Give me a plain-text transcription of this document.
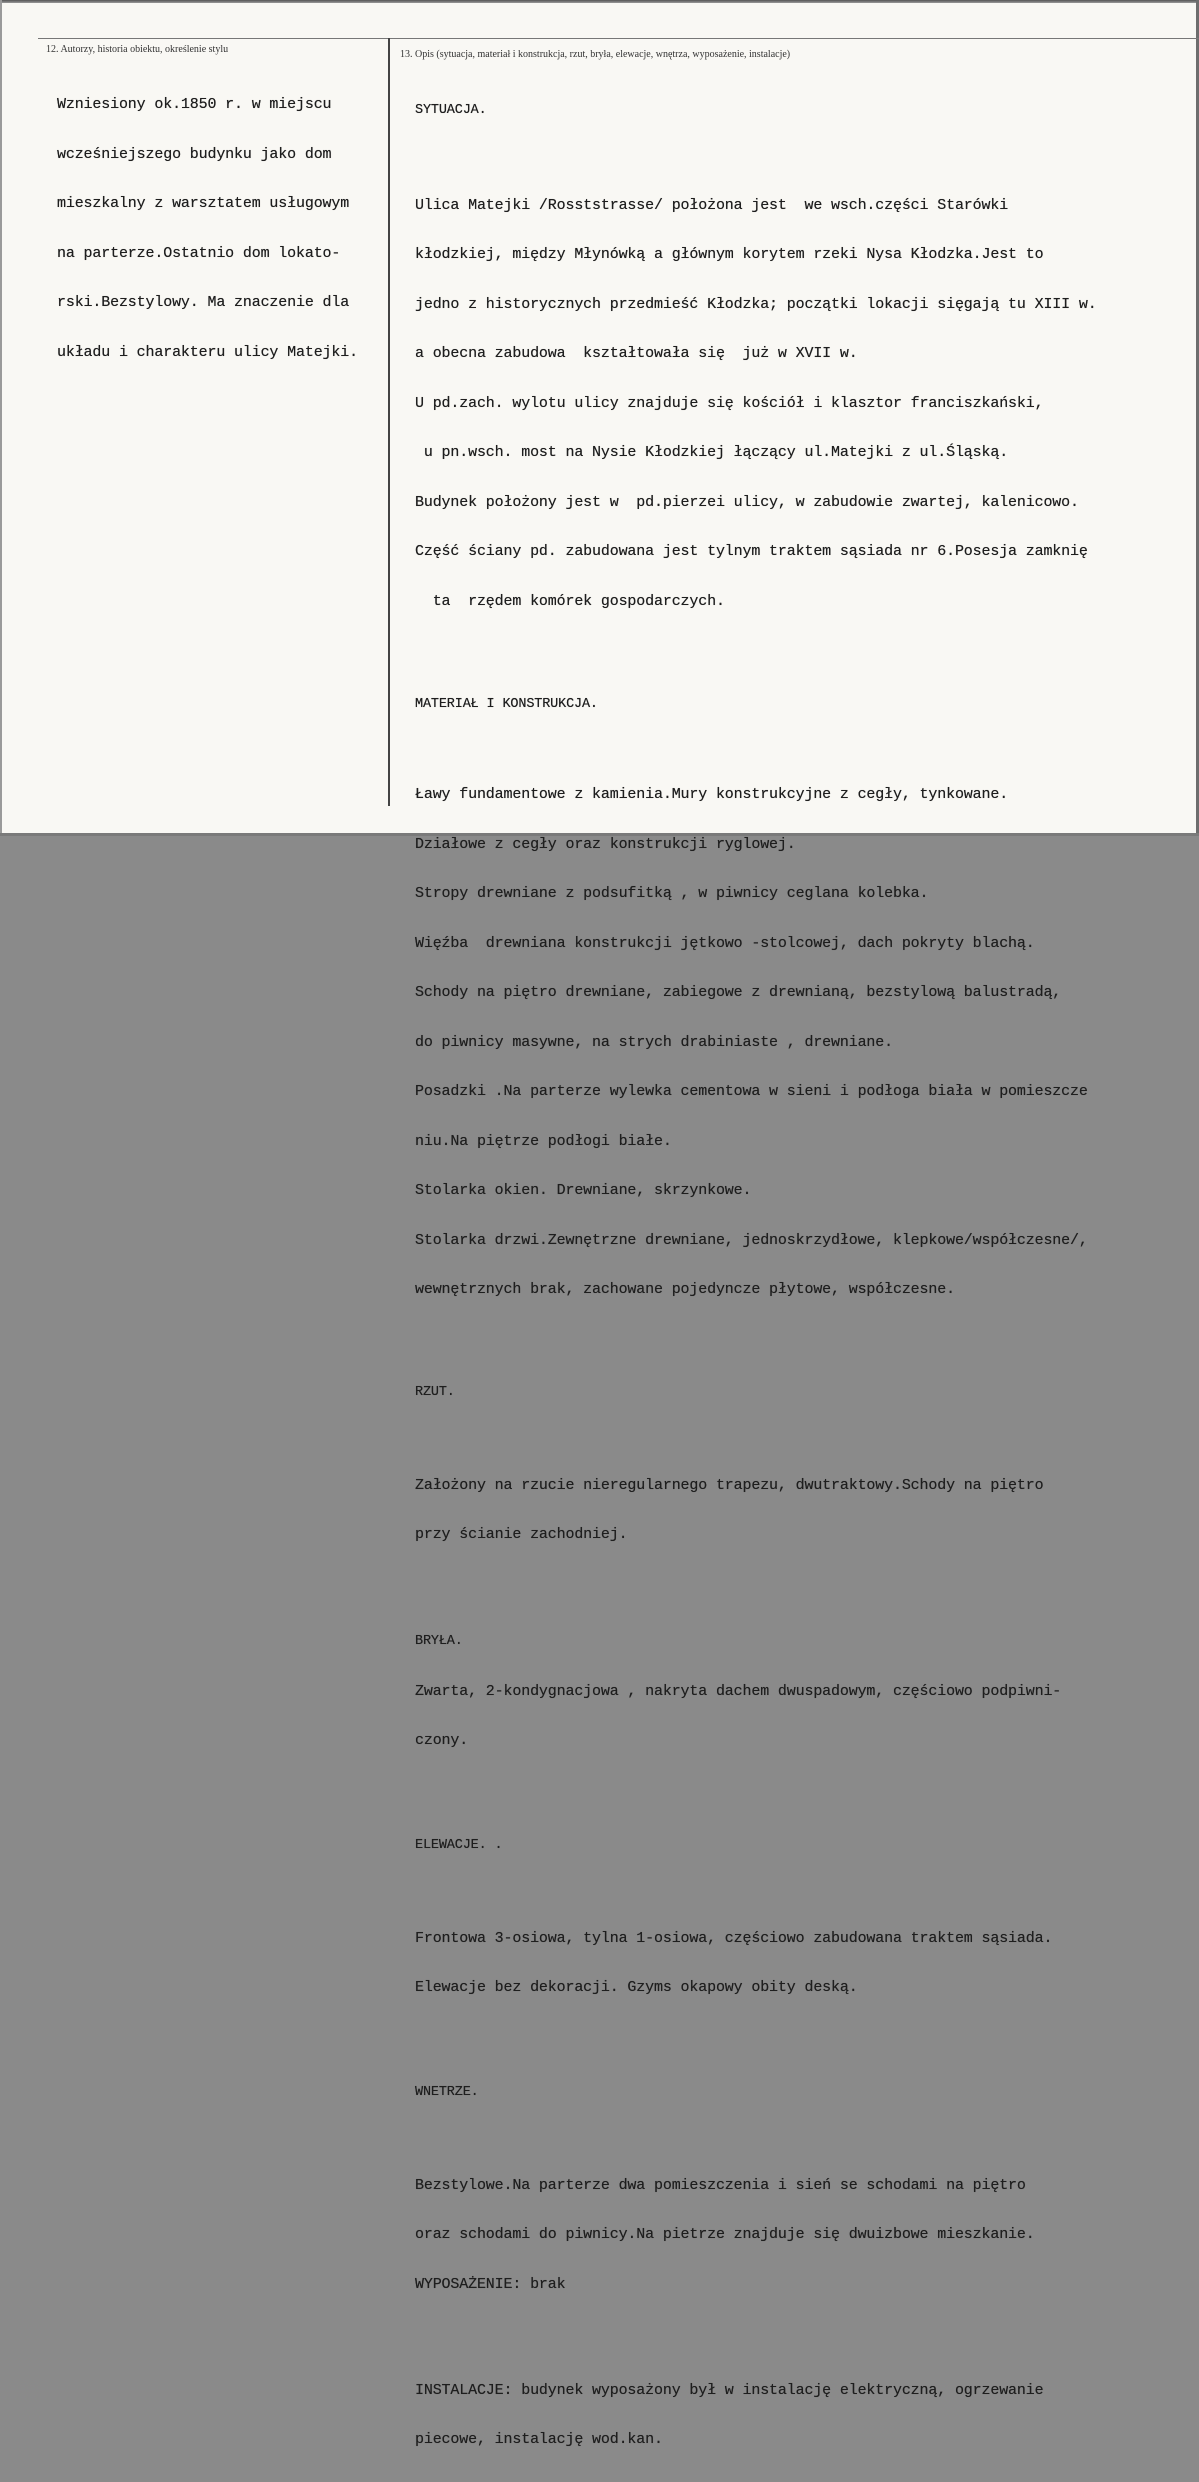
12. Autorzy, historia obiektu, określenie stylu	13. Opis (sytuacja, materiał i konstrukcja, rzut, bryła, elewacje, wnętrza, wyposażenie, instalacje)

Wzniesiony ok.1850 r. w miejscu

wcześniejszego budynku jako dom

mieszkalny z warsztatem usługowym

na parterze.Ostatnio dom lokato-

rski.Bezstylowy. Ma znaczenie dla

układu i charakteru ulicy Matejki.

SYTUACJA.

Ulica Matejki /Rosststrasse/ położona jest  we wsch.części Starówki

kłodzkiej, między Młynówką a głównym korytem rzeki Nysa Kłodzka.Jest to

jedno z historycznych przedmieść Kłodzka; początki lokacji sięgają tu XIII w.

a obecna zabudowa  kształtowała się  już w XVII w.

U pd.zach. wylotu ulicy znajduje się kościół i klasztor franciszkański,

u pn.wsch. most na Nysie Kłodzkiej łączący ul.Matejki z ul.Śląską.

Budynek położony jest w  pd.pierzei ulicy, w zabudowie zwartej, kalenicowo.

Część ściany pd. zabudowana jest tylnym traktem sąsiada nr 6.Posesja zamknię

ta  rzędem komórek gospodarczych.

MATERIAŁ I KONSTRUKCJA.

Ławy fundamentowe z kamienia.Mury konstrukcyjne z cegły, tynkowane.

Działowe z cegły oraz konstrukcji ryglowej.

Stropy drewniane z podsufitką , w piwnicy ceglana kolebka.

Więźba  drewniana konstrukcji jętkowo -stolcowej, dach pokryty blachą.

Schody na piętro drewniane, zabiegowe z drewnianą, bezstylową balustradą,

do piwnicy masywne, na strych drabiniaste , drewniane.

Posadzki .Na parterze wylewka cementowa w sieni i podłoga biała w pomieszcze

niu.Na piętrze podłogi białe.

Stolarka okien. Drewniane, skrzynkowe.

Stolarka drzwi.Zewnętrzne drewniane, jednoskrzydłowe, klepkowe/współczesne/,

wewnętrznych brak, zachowane pojedyncze płytowe, współczesne.

RZUT.

Założony na rzucie nieregularnego trapezu, dwutraktowy.Schody na piętro

przy ścianie zachodniej.

BRYŁA.

Zwarta, 2-kondygnacjowa , nakryta dachem dwuspadowym, częściowo podpiwni-

czony.

ELEWACJE. .

Frontowa 3-osiowa, tylna 1-osiowa, częściowo zabudowana traktem sąsiada.

Elewacje bez dekoracji. Gzyms okapowy obity deską.

WNETRZE.

Bezstylowe.Na parterze dwa pomieszczenia i sień se schodami na piętro

oraz schodami do piwnicy.Na pietrze znajduje się dwuizbowe mieszkanie.

WYPOSAŻENIE: brak

INSTALACJE: budynek wyposażony był w instalację elektryczną, ogrzewanie

piecowe, instalację wod.kan.
